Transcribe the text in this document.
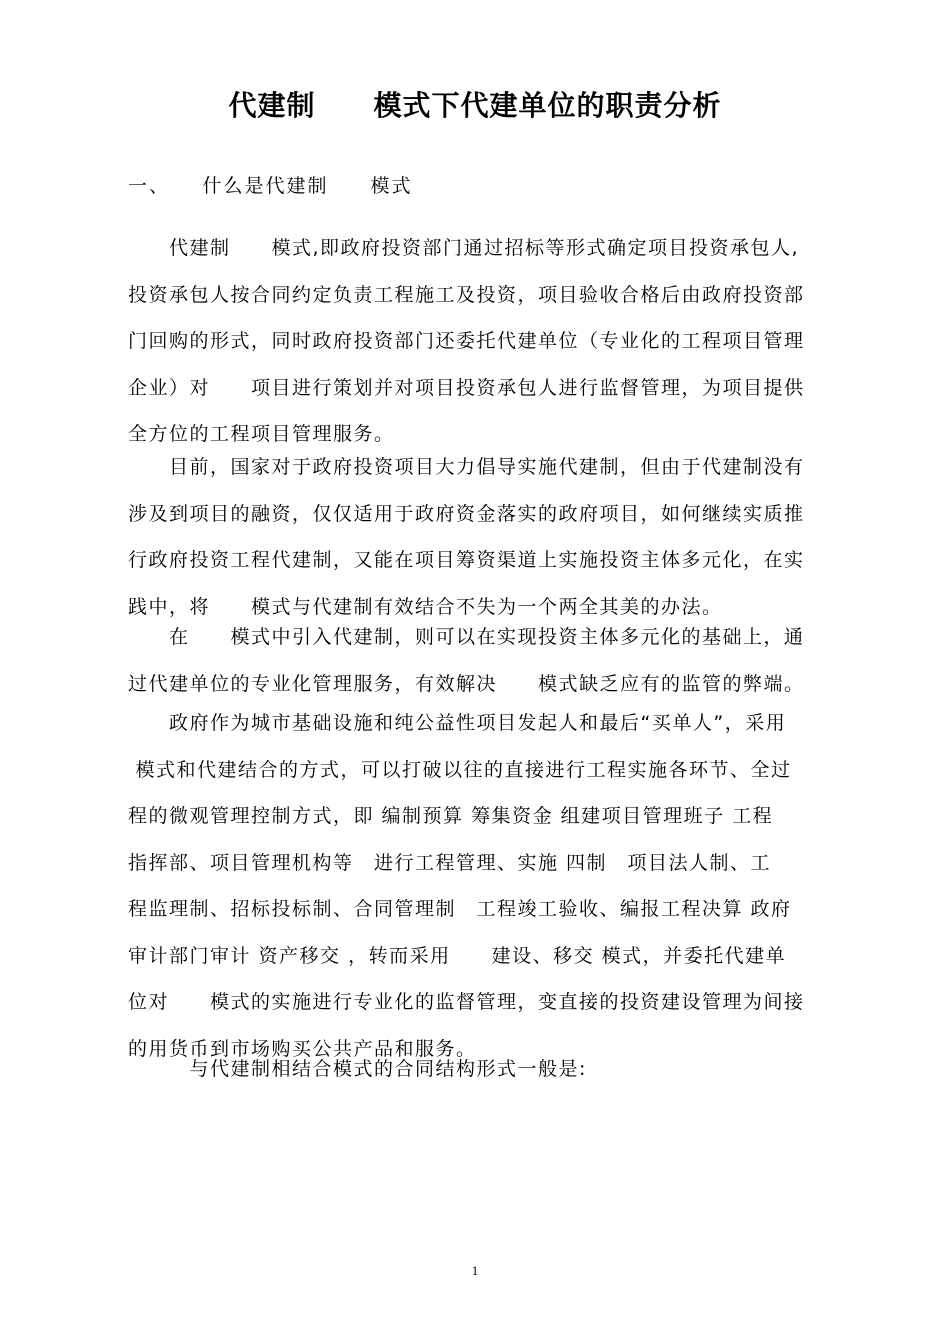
代建制　　模式下代建单位的职责分析
一、　　什么是代建制　　模式
　　代建制　　模式,即政府投资部门通过招标等形式确定项目投资承包人,
投资承包人按合同约定负责工程施工及投资，项目验收合格后由政府投资部
门回购的形式，同时政府投资部门还委托代建单位（专业化的工程项目管理
企业）对　　项目进行策划并对项目投资承包人进行监督管理，为项目提供
全方位的工程项目管理服务。
　　目前，国家对于政府投资项目大力倡导实施代建制，但由于代建制没有
涉及到项目的融资，仅仅适用于政府资金落实的政府项目，如何继续实质推
行政府投资工程代建制，又能在项目筹资渠道上实施投资主体多元化，在实
践中，将　　模式与代建制有效结合不失为一个两全其美的办法。
　　在　　模式中引入代建制，则可以在实现投资主体多元化的基础上，通
过代建单位的专业化管理服务，有效解决　　模式缺乏应有的监管的弊端。
　　政府作为城市基础设施和纯公益性项目发起人和最后“买单人”，采用
模式和代建结合的方式，可以打破以往的直接进行工程实施各环节、全过
程的微观管理控制方式，即 编制预算 筹集资金 组建项目管理班子 工程
指挥部、项目管理机构等　进行工程管理、实施 四制　项目法人制、工
程监理制、招标投标制、合同管理制　工程竣工验收、编报工程决算 政府
审计部门审计 资产移交 ，转而采用　　建设、移交 模式，并委托代建单
位对　　模式的实施进行专业化的监督管理，变直接的投资建设管理为间接
的用货币到市场购买公共产品和服务。
　　　与代建制相结合模式的合同结构形式一般是:
1
